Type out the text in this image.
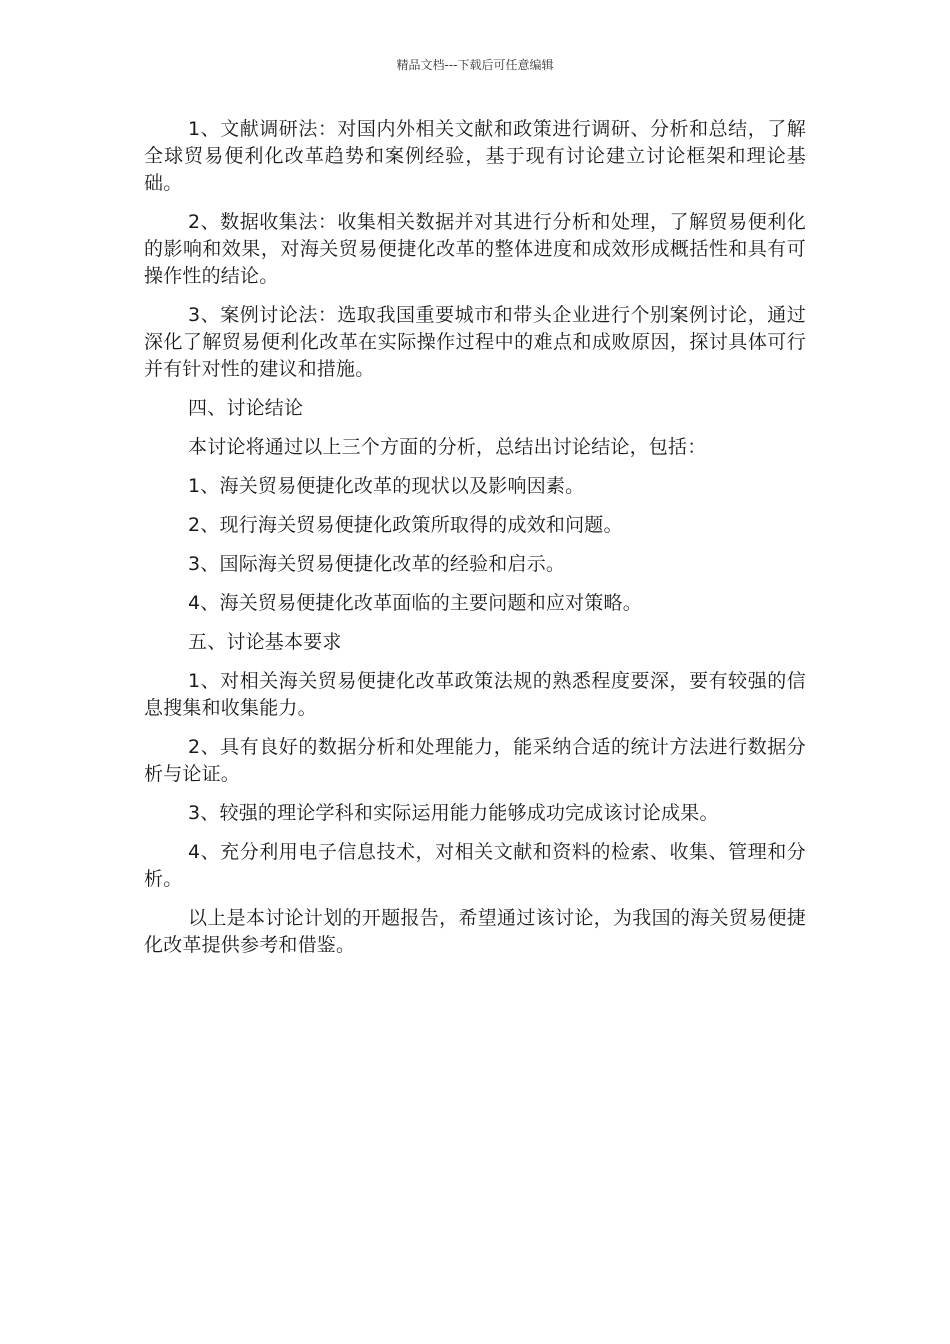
精品文档---下载后可任意编辑

1、文献调研法：对国内外相关文献和政策进行调研、分析和总结，了解全球贸易便利化改革趋势和案例经验，基于现有讨论建立讨论框架和理论基础。

2、数据收集法：收集相关数据并对其进行分析和处理，了解贸易便利化的影响和效果，对海关贸易便捷化改革的整体进度和成效形成概括性和具有可操作性的结论。

3、案例讨论法：选取我国重要城市和带头企业进行个别案例讨论，通过深化了解贸易便利化改革在实际操作过程中的难点和成败原因，探讨具体可行并有针对性的建议和措施。

四、讨论结论

本讨论将通过以上三个方面的分析，总结出讨论结论，包括：

1、海关贸易便捷化改革的现状以及影响因素。

2、现行海关贸易便捷化政策所取得的成效和问题。

3、国际海关贸易便捷化改革的经验和启示。

4、海关贸易便捷化改革面临的主要问题和应对策略。

五、讨论基本要求

1、对相关海关贸易便捷化改革政策法规的熟悉程度要深，要有较强的信息搜集和收集能力。

2、具有良好的数据分析和处理能力，能采纳合适的统计方法进行数据分析与论证。

3、较强的理论学科和实际运用能力能够成功完成该讨论成果。

4、充分利用电子信息技术，对相关文献和资料的检索、收集、管理和分析。

以上是本讨论计划的开题报告，希望通过该讨论，为我国的海关贸易便捷化改革提供参考和借鉴。
